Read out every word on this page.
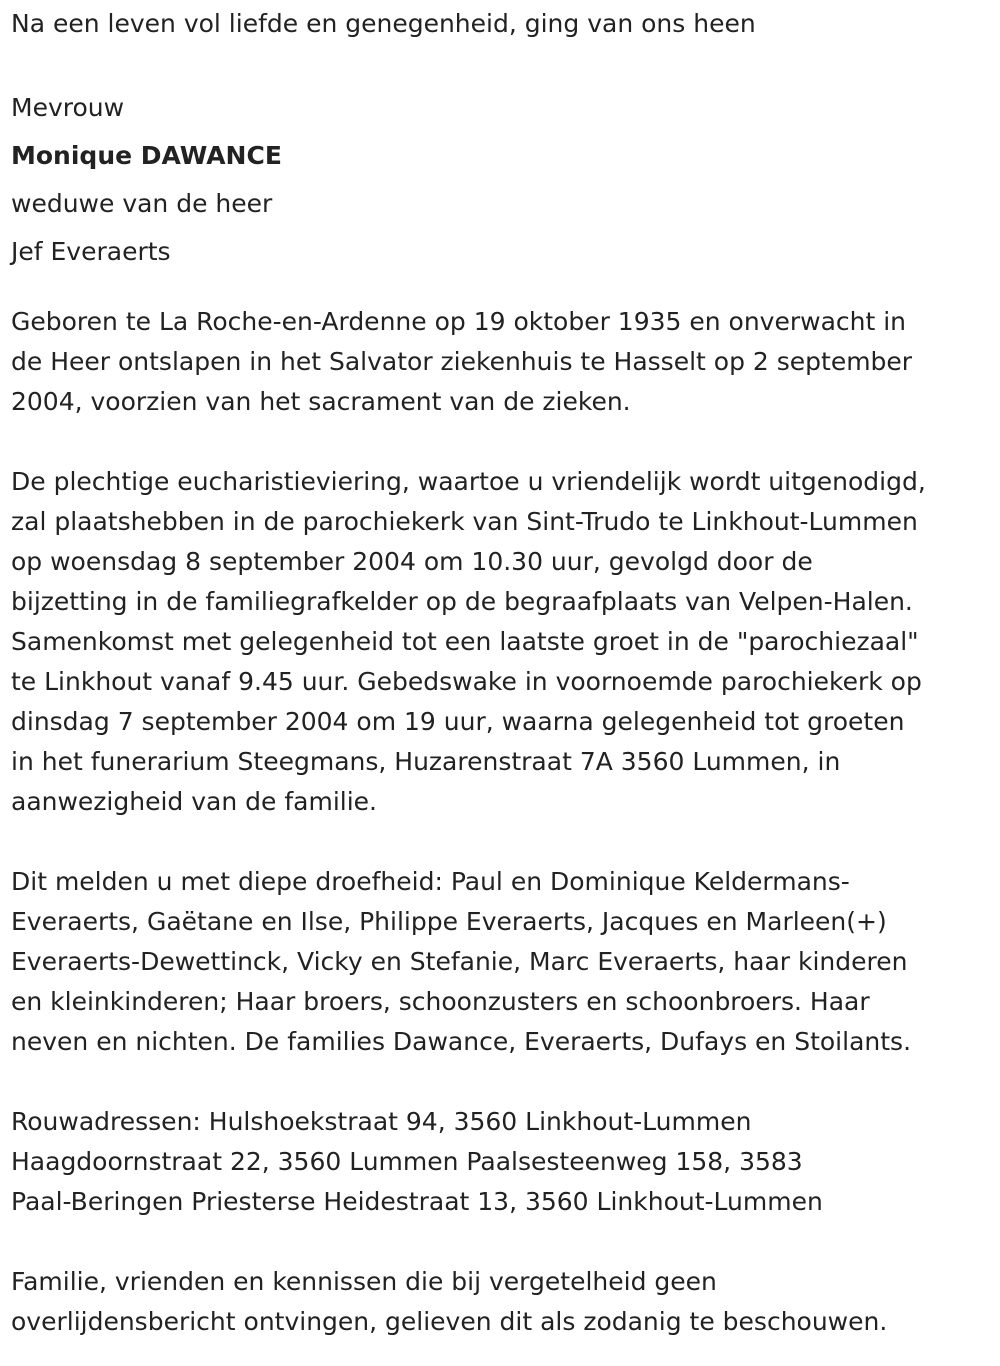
Na een leven vol liefde en genegenheid, ging van ons heen

Mevrouw

Monique DAWANCE

weduwe van de heer

Jef Everaerts

Geboren te La Roche-en-Ardenne op 19 oktober 1935 en onverwacht in

de Heer ontslapen in het Salvator ziekenhuis te Hasselt op 2 september

2004, voorzien van het sacrament van de zieken.

De plechtige eucharistieviering, waartoe u vriendelijk wordt uitgenodigd,

zal plaatshebben in de parochiekerk van Sint-Trudo te Linkhout-Lummen

op woensdag 8 september 2004 om 10.30 uur, gevolgd door de

bijzetting in de familiegrafkelder op de begraafplaats van Velpen-Halen.

Samenkomst met gelegenheid tot een laatste groet in de "parochiezaal"

te Linkhout vanaf 9.45 uur. Gebedswake in voornoemde parochiekerk op

dinsdag 7 september 2004 om 19 uur, waarna gelegenheid tot groeten

in het funerarium Steegmans, Huzarenstraat 7A 3560 Lummen, in

aanwezigheid van de familie.

Dit melden u met diepe droefheid: Paul en Dominique Keldermans-

Everaerts, Gaëtane en Ilse, Philippe Everaerts, Jacques en Marleen(+)

Everaerts-Dewettinck, Vicky en Stefanie, Marc Everaerts, haar kinderen

en kleinkinderen; Haar broers, schoonzusters en schoonbroers. Haar

neven en nichten. De families Dawance, Everaerts, Dufays en Stoilants.

Rouwadressen: Hulshoekstraat 94, 3560 Linkhout-Lummen

Haagdoornstraat 22, 3560 Lummen Paalsesteenweg 158, 3583

Paal-Beringen Priesterse Heidestraat 13, 3560 Linkhout-Lummen

Familie, vrienden en kennissen die bij vergetelheid geen

overlijdensbericht ontvingen, gelieven dit als zodanig te beschouwen.
